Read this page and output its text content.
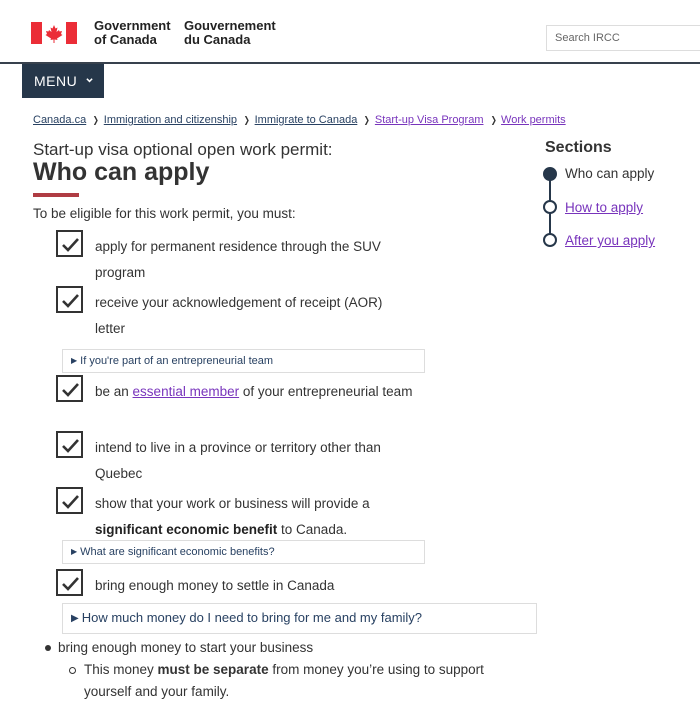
Government
of Canada
Gouvernement
du Canada	Search IRCC
MENU
Canada.ca ❯ Immigration and citizenship ❯ Immigrate to Canada ❯ Start-up Visa Program ❯ Work permits
Start-up visa optional open work permit:
Who can apply
To be eligible for this work permit, you must:
apply for permanent residence through the SUV program
receive your acknowledgement of receipt (AOR) letter
▶ If you're part of an entrepreneurial team
be an essential member of your entrepreneurial team
intend to live in a province or territory other than Quebec
show that your work or business will provide a significant economic benefit to Canada.
▶ What are significant economic benefits?
bring enough money to settle in Canada
▶ How much money do I need to bring for me and my family?
bring enough money to start your business
This money must be separate from money you’re using to support yourself and your family.
Sections
Who can apply
How to apply
After you apply
